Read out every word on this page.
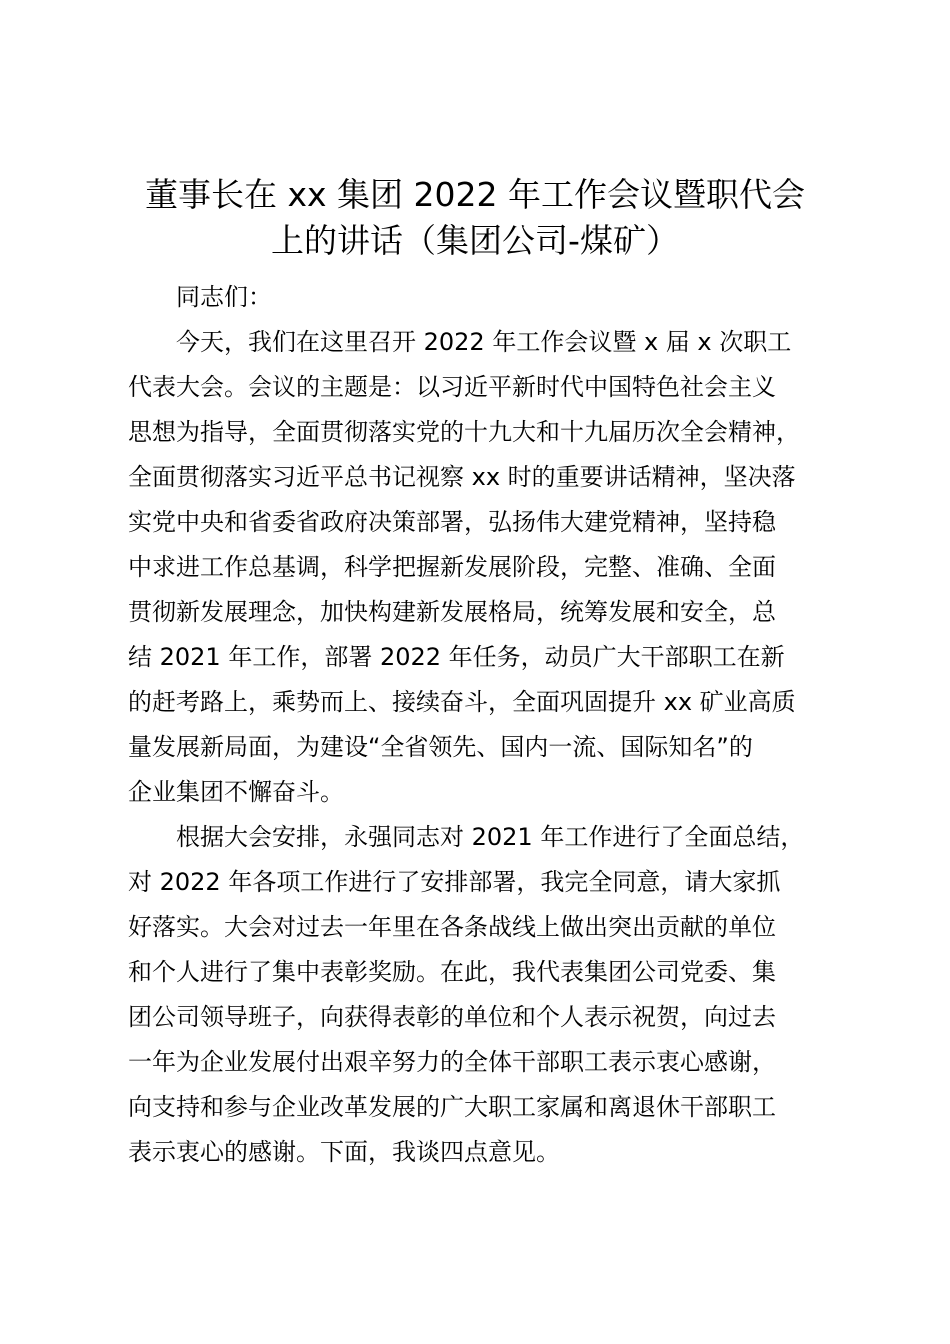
董事长在 xx 集团 2022 年工作会议暨职代会
上的讲话（集团公司-煤矿）

　　同志们：

　　今天，我们在这里召开 2022 年工作会议暨 x 届 x 次职工

代表大会。会议的主题是：以习近平新时代中国特色社会主义

思想为指导，全面贯彻落实党的十九大和十九届历次全会精神，

全面贯彻落实习近平总书记视察 xx 时的重要讲话精神，坚决落

实党中央和省委省政府决策部署，弘扬伟大建党精神，坚持稳

中求进工作总基调，科学把握新发展阶段，完整、准确、全面

贯彻新发展理念，加快构建新发展格局，统筹发展和安全，总

结 2021 年工作，部署 2022 年任务，动员广大干部职工在新

的赶考路上，乘势而上、接续奋斗，全面巩固提升 xx 矿业高质

量发展新局面，为建设“全省领先、国内一流、国际知名”的

企业集团不懈奋斗。

　　根据大会安排，永强同志对 2021 年工作进行了全面总结，

对 2022 年各项工作进行了安排部署，我完全同意，请大家抓

好落实。大会对过去一年里在各条战线上做出突出贡献的单位

和个人进行了集中表彰奖励。在此，我代表集团公司党委、集

团公司领导班子，向获得表彰的单位和个人表示祝贺，向过去

一年为企业发展付出艰辛努力的全体干部职工表示衷心感谢，

向支持和参与企业改革发展的广大职工家属和离退休干部职工

表示衷心的感谢。下面，我谈四点意见。
